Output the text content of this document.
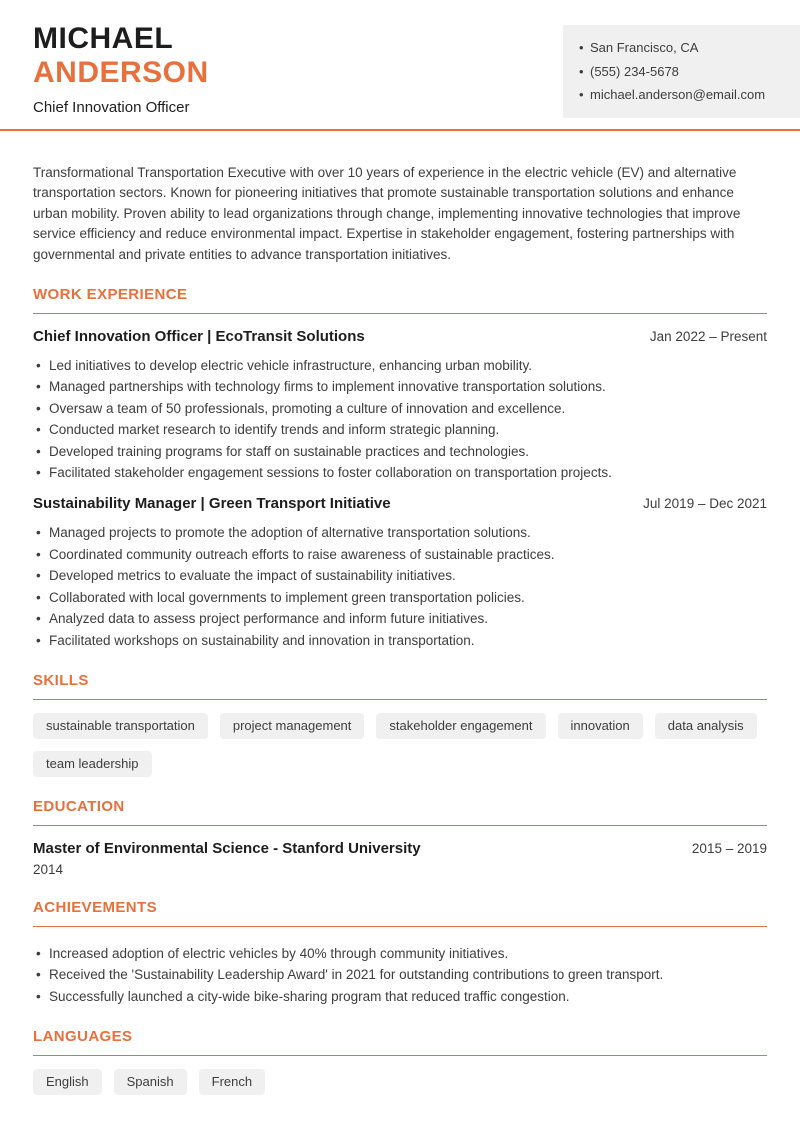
MICHAEL
ANDERSON
Chief Innovation Officer
• San Francisco, CA
• (555) 234-5678
• michael.anderson@email.com

Transformational Transportation Executive with over 10 years of experience in the electric vehicle (EV) and alternative transportation sectors. Known for pioneering initiatives that promote sustainable transportation solutions and enhance urban mobility. Proven ability to lead organizations through change, implementing innovative technologies that improve service efficiency and reduce environmental impact. Expertise in stakeholder engagement, fostering partnerships with governmental and private entities to advance transportation initiatives.

WORK EXPERIENCE
Chief Innovation Officer | EcoTransit Solutions	Jan 2022 – Present
• Led initiatives to develop electric vehicle infrastructure, enhancing urban mobility.
• Managed partnerships with technology firms to implement innovative transportation solutions.
• Oversaw a team of 50 professionals, promoting a culture of innovation and excellence.
• Conducted market research to identify trends and inform strategic planning.
• Developed training programs for staff on sustainable practices and technologies.
• Facilitated stakeholder engagement sessions to foster collaboration on transportation projects.
Sustainability Manager | Green Transport Initiative	Jul 2019 – Dec 2021
• Managed projects to promote the adoption of alternative transportation solutions.
• Coordinated community outreach efforts to raise awareness of sustainable practices.
• Developed metrics to evaluate the impact of sustainability initiatives.
• Collaborated with local governments to implement green transportation policies.
• Analyzed data to assess project performance and inform future initiatives.
• Facilitated workshops on sustainability and innovation in transportation.
SKILLS
sustainable transportation	project management	stakeholder engagement	innovation	data analysis
team leadership
EDUCATION
Master of Environmental Science - Stanford University	2015 – 2019
2014
ACHIEVEMENTS
• Increased adoption of electric vehicles by 40% through community initiatives.
• Received the 'Sustainability Leadership Award' in 2021 for outstanding contributions to green transport.
• Successfully launched a city-wide bike-sharing program that reduced traffic congestion.
LANGUAGES
English	Spanish	French
